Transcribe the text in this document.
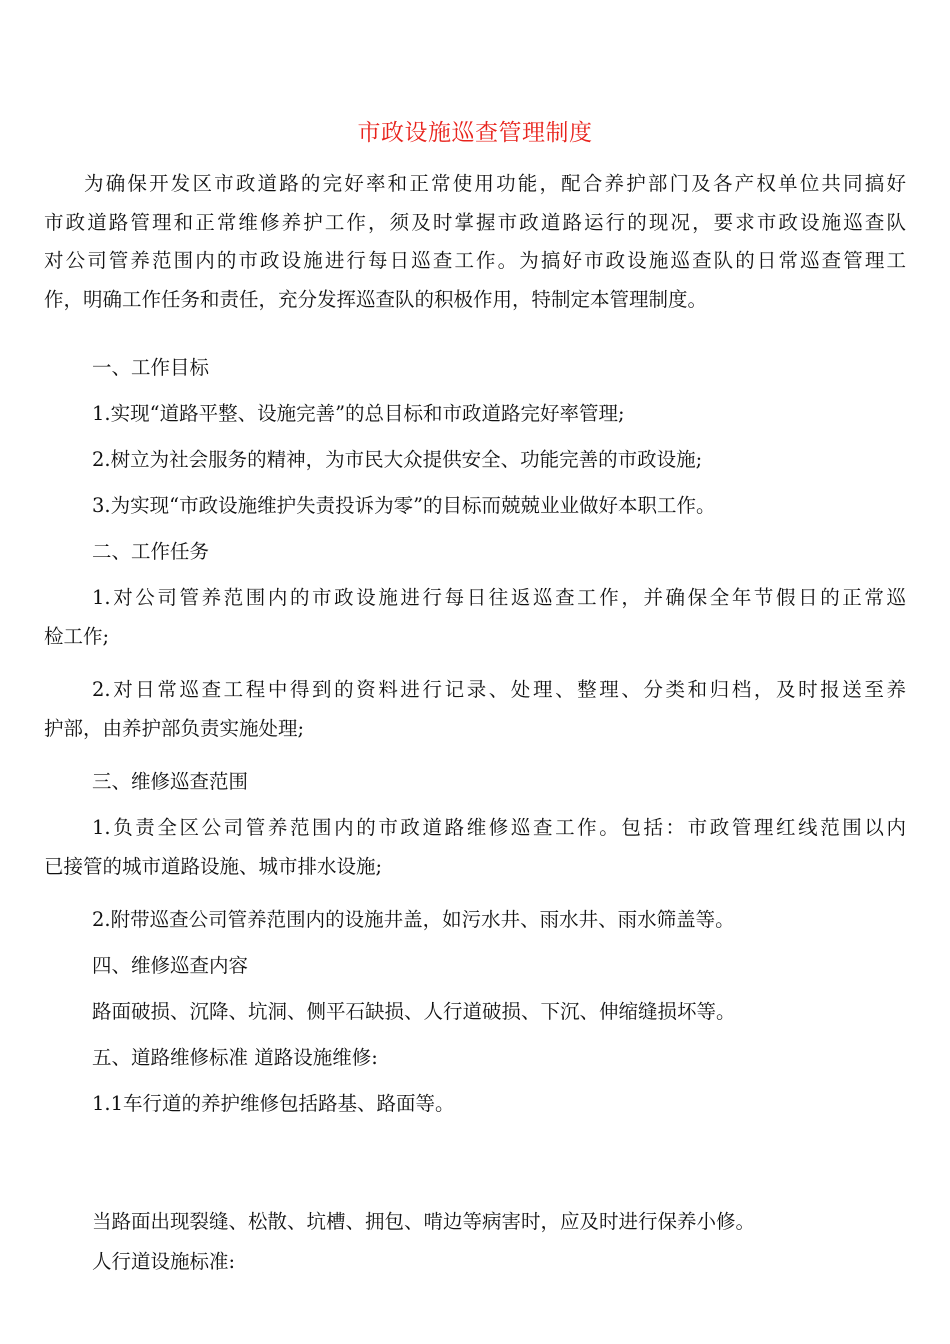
市政设施巡查管理制度
为确保开发区市政道路的完好率和正常使用功能，配合养护部门及各产权单位共同搞好
市政道路管理和正常维修养护工作，须及时掌握市政道路运行的现况，要求市政设施巡查队
对公司管养范围内的市政设施进行每日巡查工作。为搞好市政设施巡查队的日常巡查管理工
作，明确工作任务和责任，充分发挥巡查队的积极作用，特制定本管理制度。
一、工作目标
1.实现“道路平整、设施完善”的总目标和市政道路完好率管理;
2.树立为社会服务的精神，为市民大众提供安全、功能完善的市政设施;
3.为实现“市政设施维护失责投诉为零”的目标而兢兢业业做好本职工作。
二、工作任务
1.对公司管养范围内的市政设施进行每日往返巡查工作，并确保全年节假日的正常巡
检工作;
2.对日常巡查工程中得到的资料进行记录、处理、整理、分类和归档，及时报送至养
护部，由养护部负责实施处理;
三、维修巡查范围
1.负责全区公司管养范围内的市政道路维修巡查工作。包括：市政管理红线范围以内
已接管的城市道路设施、城市排水设施;
2.附带巡查公司管养范围内的设施井盖，如污水井、雨水井、雨水筛盖等。
四、维修巡查内容
路面破损、沉降、坑洞、侧平石缺损、人行道破损、下沉、伸缩缝损坏等。
五、道路维修标准 道路设施维修:
1.1车行道的养护维修包括路基、路面等。
当路面出现裂缝、松散、坑槽、拥包、啃边等病害时，应及时进行保养小修。
人行道设施标准:
